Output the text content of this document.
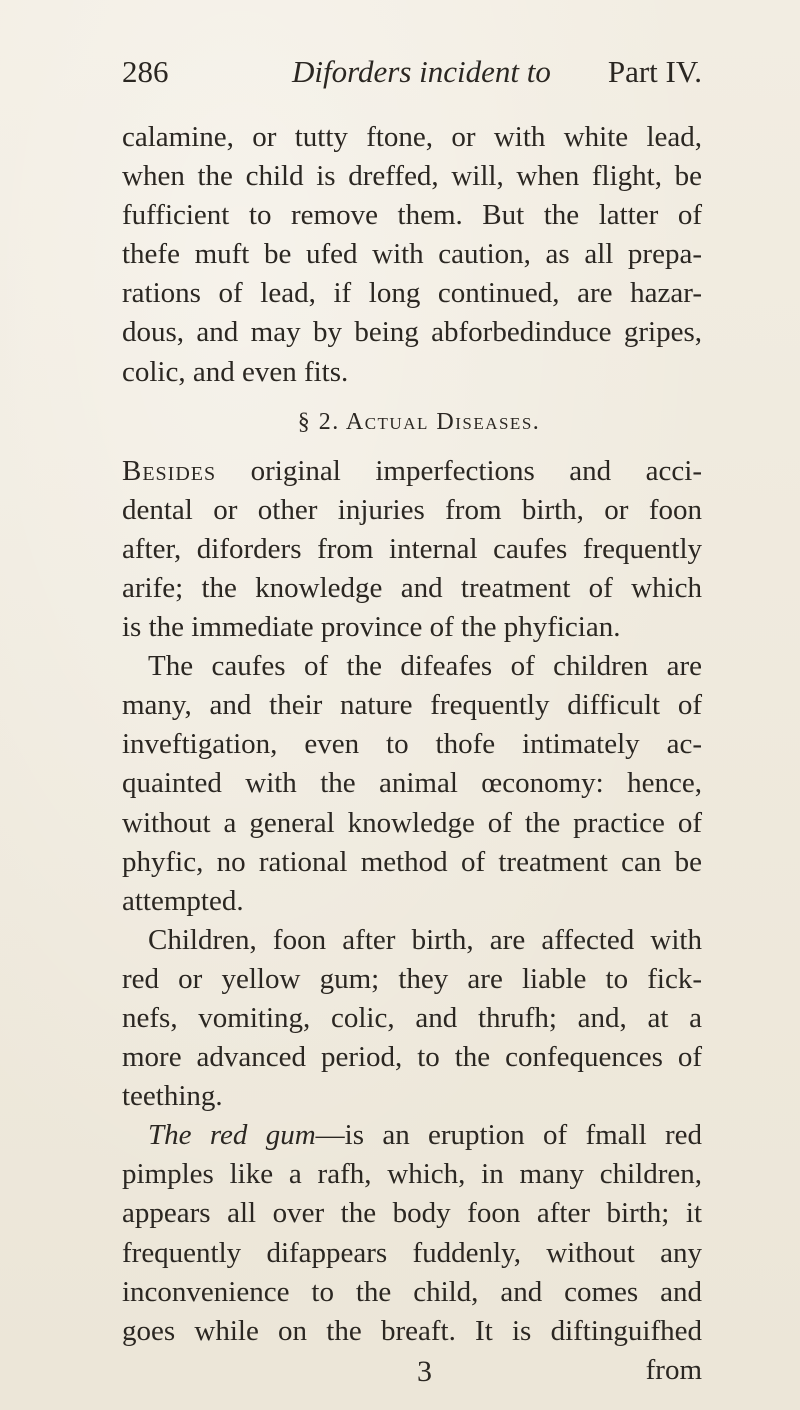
286	Diforders incident to Part IV.
calamine, or tutty ftone, or with white lead,
when the child is dreffed, will, when flight, be
fufficient to remove them. But the latter of
thefe muft be ufed with caution, as all prepa-
rations of lead, if long continued, are hazar-
dous, and may by being abforbedinduce gripes,
colic, and even fits.
§ 2. Actual Diseases.
Besides original imperfections and acci-
dental or other injuries from birth, or foon
after, diforders from internal caufes frequently
arife; the knowledge and treatment of which
is the immediate province of the phyfician.
The caufes of the difeafes of children are
many, and their nature frequently difficult of
inveftigation, even to thofe intimately ac-
quainted with the animal œconomy: hence,
without a general knowledge of the practice of
phyfic, no rational method of treatment can be
attempted.
Children, foon after birth, are affected with
red or yellow gum; they are liable to fick-
nefs, vomiting, colic, and thrufh; and, at a
more advanced period, to the confequences of
teething.
The red gum—is an eruption of fmall red
pimples like a rafh, which, in many children,
appears all over the body foon after birth; it
frequently difappears fuddenly, without any
inconvenience to the child, and comes and
goes while on the breaft. It is diftinguifhed
from
3
